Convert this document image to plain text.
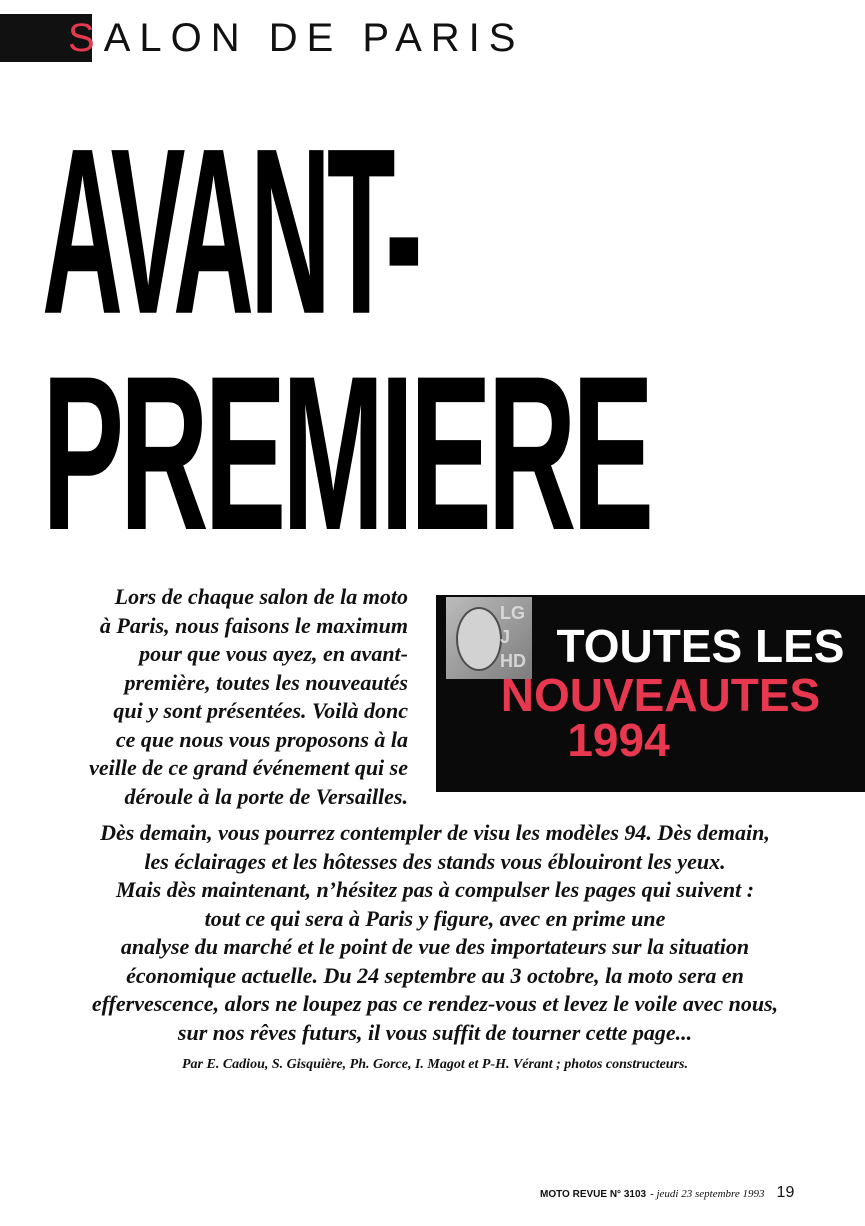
SALON DE PARIS
AVANT-
PREMIERE

Lors de chaque salon de la moto
à Paris, nous faisons le maximum
pour que vous ayez, en avant-
première, toutes les nouveautés
qui y sont présentées. Voilà donc
ce que nous vous proposons à la
veille de ce grand événement qui se
déroule à la porte de Versailles.

LG
J
HD TOUTES LES
NOUVEAUTES
1994

Dès demain, vous pourrez contempler de visu les modèles 94. Dès demain,
les éclairages et les hôtesses des stands vous éblouiront les yeux.
Mais dès maintenant, n’hésitez pas à compulser les pages qui suivent :
tout ce qui sera à Paris y figure, avec en prime une
analyse du marché et le point de vue des importateurs sur la situation
économique actuelle. Du 24 septembre au 3 octobre, la moto sera en
effervescence, alors ne loupez pas ce rendez-vous et levez le voile avec nous,
sur nos rêves futurs, il vous suffit de tourner cette page...

Par E. Cadiou, S. Gisquière, Ph. Gorce, I. Magot et P-H. Vérant ; photos constructeurs.
MOTO REVUE N° 3103 - jeudi 23 septembre 1993 19
